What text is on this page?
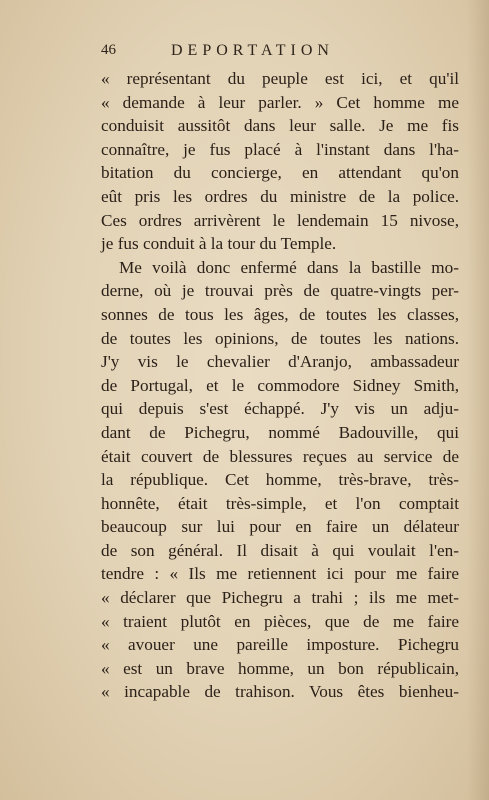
46	DEPORTATION
« représentant du peuple est ici, et qu'il
« demande à leur parler. » Cet homme me
conduisit aussitôt dans leur salle. Je me fis
connaître, je fus placé à l'instant dans l'ha-
bitation du concierge, en attendant qu'on
eût pris les ordres du ministre de la police.
Ces ordres arrivèrent le lendemain 15 nivose,
je fus conduit à la tour du Temple.
Me voilà donc enfermé dans la bastille mo-
derne, où je trouvai près de quatre-vingts per-
sonnes de tous les âges, de toutes les classes,
de toutes les opinions, de toutes les nations.
J'y vis le chevalier d'Aranjo, ambassadeur
de Portugal, et le commodore Sidney Smith,
qui depuis s'est échappé. J'y vis un adju-
dant de Pichegru, nommé Badouville, qui
était couvert de blessures reçues au service de
la république. Cet homme, très-brave, très-
honnête, était très-simple, et l'on comptait
beaucoup sur lui pour en faire un délateur
de son général. Il disait à qui voulait l'en-
tendre : « Ils me retiennent ici pour me faire
« déclarer que Pichegru a trahi ; ils me met-
« traient plutôt en pièces, que de me faire
« avouer une pareille imposture. Pichegru
« est un brave homme, un bon républicain,
« incapable de trahison. Vous êtes bienheu-
